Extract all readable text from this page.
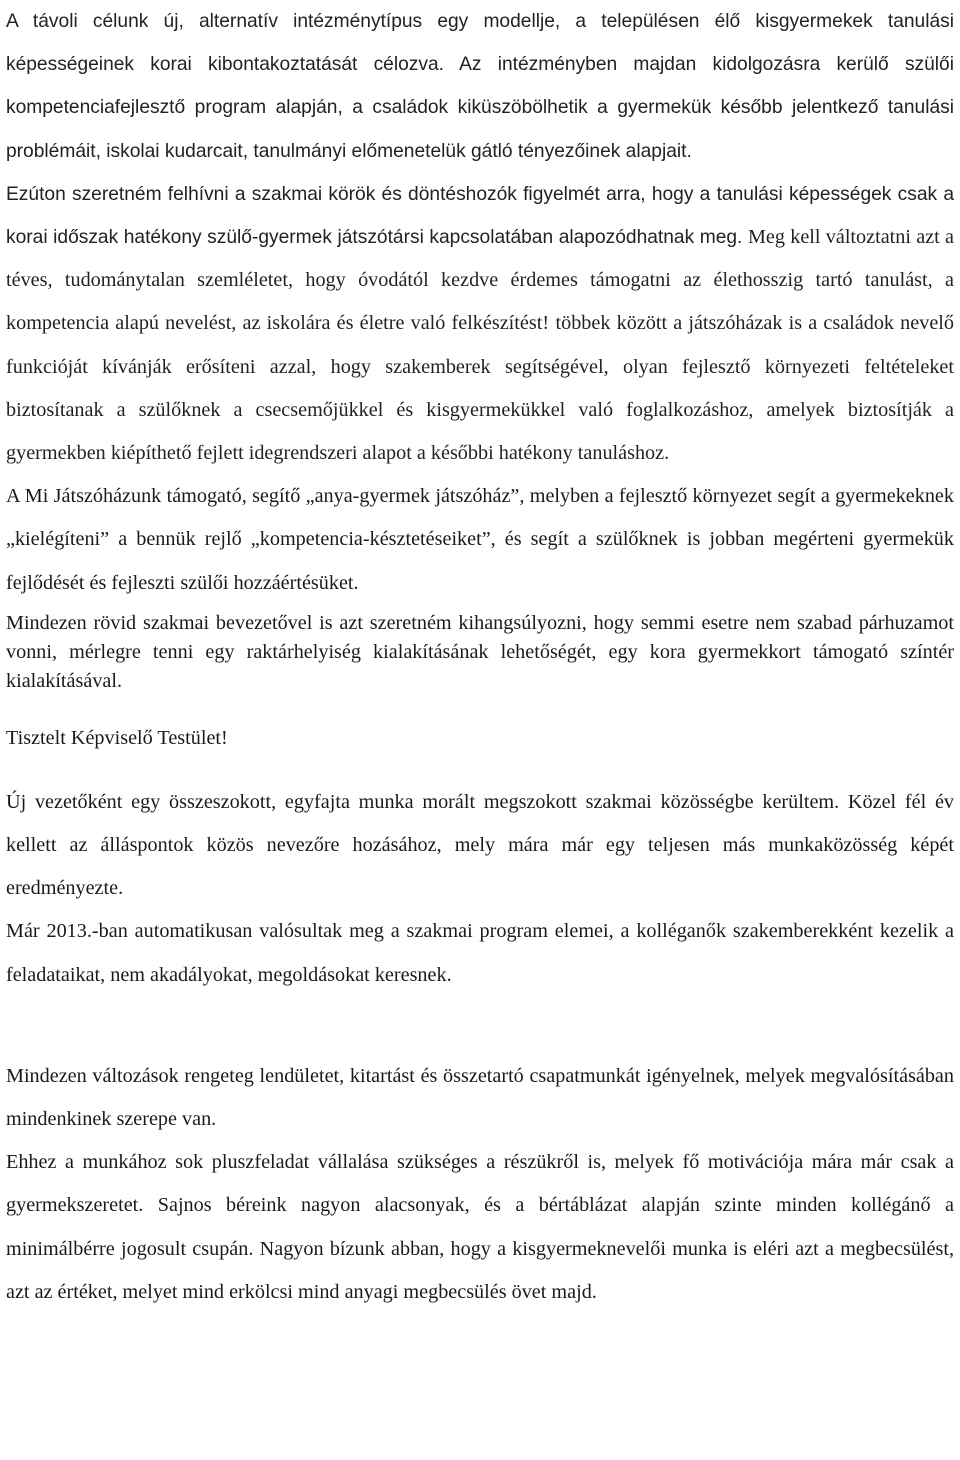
A távoli célunk új, alternatív intézménytípus egy modellje, a településen élő kisgyermekek tanulási képességeinek korai kibontakoztatását célozva. Az intézményben majdan kidolgozásra kerülő szülői kompetenciafejlesztő program alapján, a családok kiküszöbölhetik a gyermekük később jelentkező tanulási problémáit, iskolai kudarcait, tanulmányi előmenetelük gátló tényezőinek alapjait.

Ezúton szeretném felhívni a szakmai körök és döntéshozók figyelmét arra, hogy a tanulási képességek csak a korai időszak hatékony szülő-gyermek játszótársi kapcsolatában alapozódhatnak meg. Meg kell változtatni azt a téves, tudománytalan szemléletet, hogy óvodától kezdve érdemes támogatni az élethosszig tartó tanulást, a kompetencia alapú nevelést, az iskolára és életre való felkészítést! többek között a játszóházak is a családok nevelő funkcióját kívánják erősíteni azzal, hogy szakemberek segítségével, olyan fejlesztő környezeti feltételeket biztosítanak a szülőknek a csecsemőjükkel és kisgyermekükkel való foglalkozáshoz, amelyek biztosítják a gyermekben kiépíthető fejlett idegrendszeri alapot a későbbi hatékony tanuláshoz.

A Mi Játszóházunk támogató, segítő „anya-gyermek játszóház”, melyben a fejlesztő környezet segít a gyermekeknek „kielégíteni” a bennük rejlő „kompetencia-késztetéseiket”, és segít a szülőknek is jobban megérteni gyermekük fejlődését és fejleszti szülői hozzáértésüket.

Mindezen rövid szakmai bevezetővel is azt szeretném kihangsúlyozni, hogy semmi esetre nem szabad párhuzamot vonni, mérlegre tenni egy raktárhelyiség kialakításának lehetőségét, egy kora gyermekkort támogató színtér kialakításával.

Tisztelt Képviselő Testület!

Új vezetőként egy összeszokott, egyfajta munka morált megszokott szakmai közösségbe kerültem. Közel fél év kellett az álláspontok közös nevezőre hozásához, mely mára már egy teljesen más munkaközösség képét eredményezte.

Már 2013.-ban automatikusan valósultak meg a szakmai program elemei, a kolléganők szakemberekként kezelik a feladataikat, nem akadályokat, megoldásokat keresnek.

Mindezen változások rengeteg lendületet, kitartást és összetartó csapatmunkát igényelnek, melyek megvalósításában mindenkinek szerepe van.

Ehhez a munkához sok pluszfeladat vállalása szükséges a részükről is, melyek fő motivációja mára már csak a gyermekszeretet. Sajnos béreink nagyon alacsonyak, és a bértáblázat alapján szinte minden kollégánő a minimálbérre jogosult csupán. Nagyon bízunk abban, hogy a kisgyermeknevelői munka is eléri azt a megbecsülést, azt az értéket, melyet mind erkölcsi mind anyagi megbecsülés övet majd.
